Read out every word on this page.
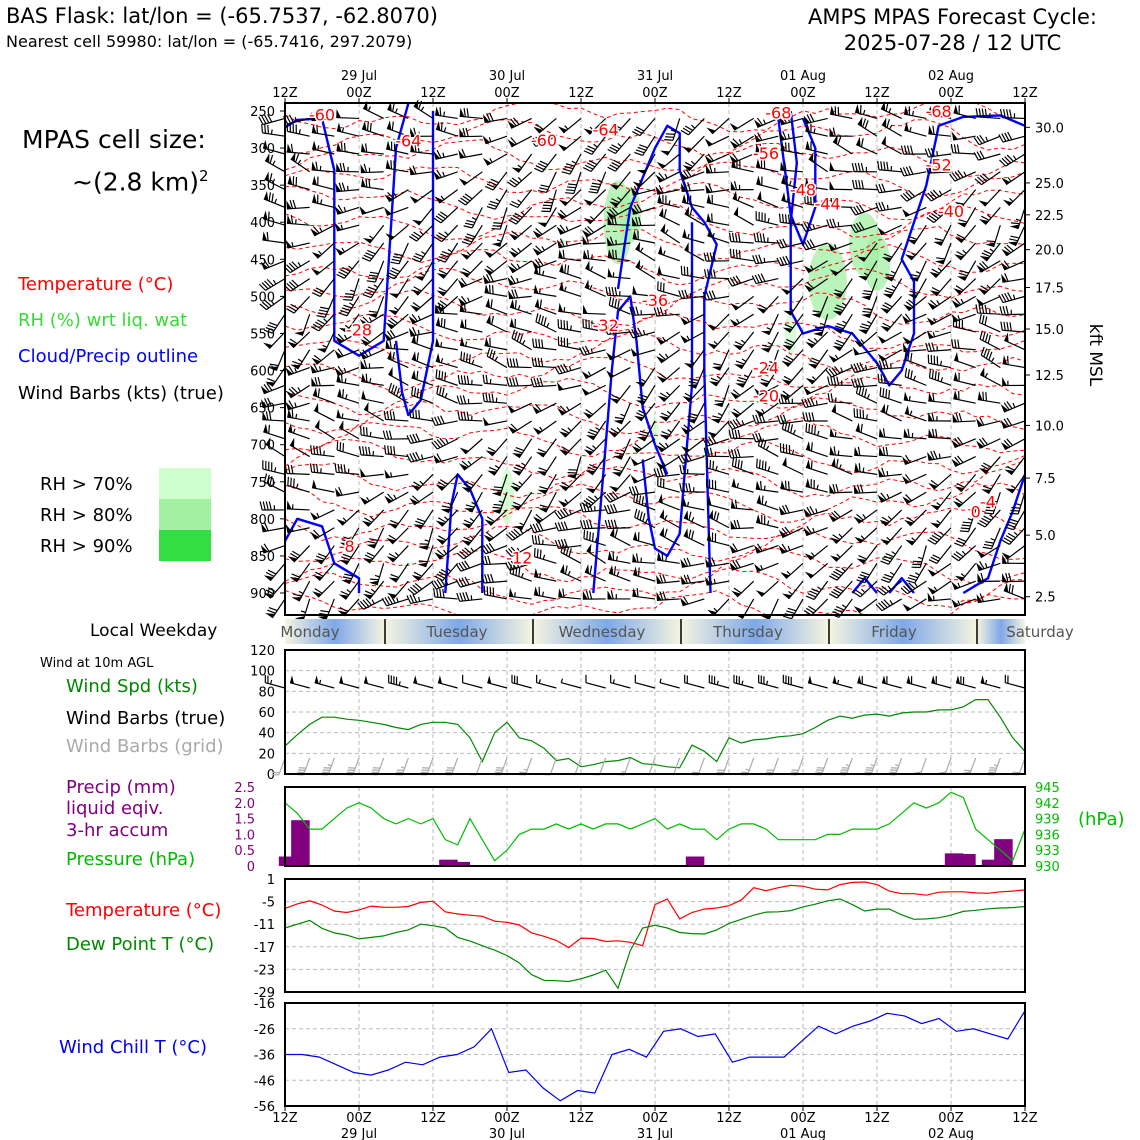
BAS Flask: lat/lon = (-65.7537, -62.8070)
Nearest cell 59980: lat/lon = (-65.7416, 297.2079)
AMPS MPAS Forecast Cycle:
2025-07-28 / 12 UTC
MPAS cell size:
~(2.8 km)$^2$
Temperature (°C)
RH (%) wrt liq. wat
Cloud/Precip outline
Wind Barbs (kts) (true)
RH > 70%
RH > 80%
RH > 90%
Local Weekday
Wind at 10m AGL
Wind Spd (kts)
Wind Barbs (true)
Wind Barbs (grid)
Precip (mm)
liquid eqiv.
3-hr accum
Pressure (hPa)
(hPa)
Temperature (°C)
Dew Point T (°C)
Wind Chill T (°C)
12Z
12Z
00Z
00Z
12Z
12Z
00Z
00Z
12Z
12Z
00Z
00Z
12Z
12Z
00Z
00Z
12Z
12Z
00Z
00Z
12Z
12Z
29 Jul
29 Jul
30 Jul
30 Jul
31 Jul
31 Jul
01 Aug
01 Aug
02 Aug
02 Aug
-60
-64	-60
-64
-68	-68
-56
-48
-44
-52
-40
-36
-32
-28
-24
-20
-12
-8
-4
0
250
300
350
400
450
500
550
600
650
700
750
800
850
900
30.0
25.0
22.5
20.0
17.5
15.0
12.5
10.0
7.5
5.0
2.5
kft MSL
Monday	Tuesday	Wednesday	Thursday	Friday	Saturday
0
20
40
60
80
100
120
0
0.5
1.0
1.5
2.0
2.5
930
933
936
939
942
945
1
-5
-11
-17
-23
-29
-16
-26
-36
-46
-56
